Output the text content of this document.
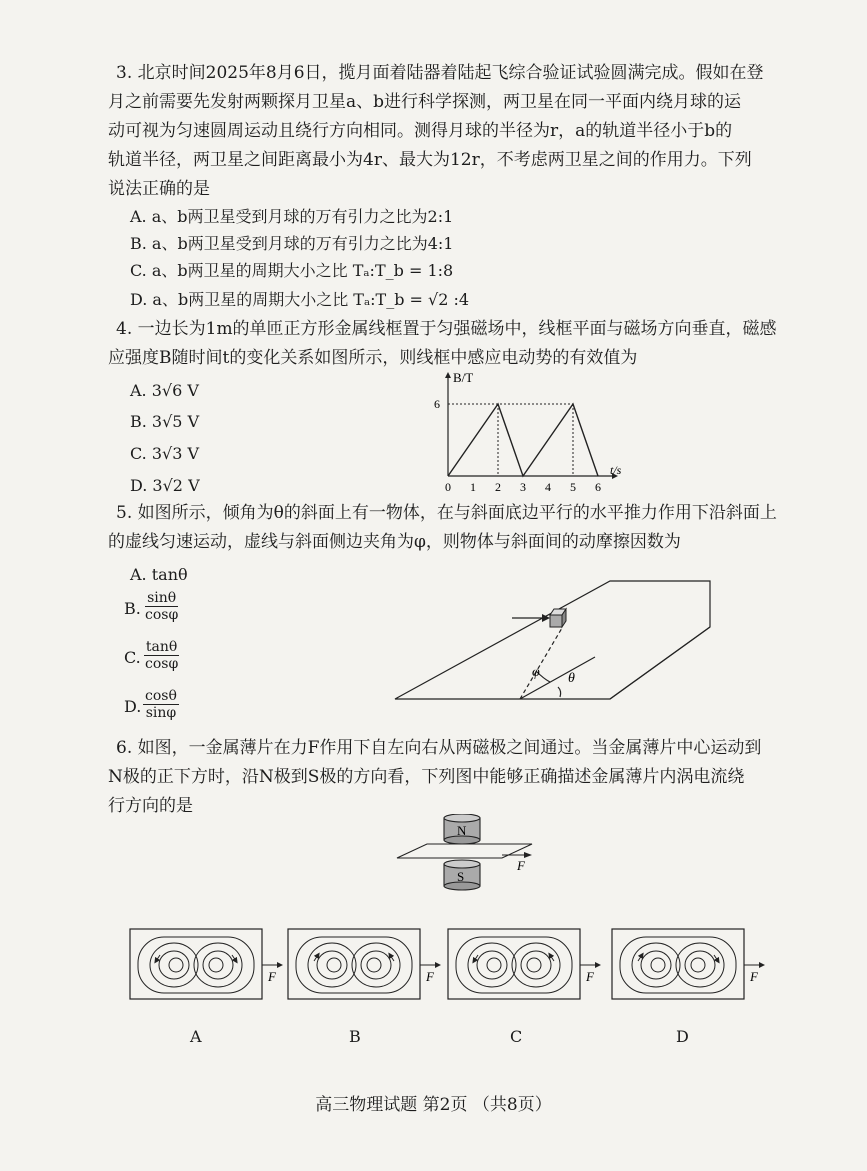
3. 北京时间2025年8月6日，揽月面着陆器着陆起飞综合验证试验圆满完成。假如在登
月之前需要先发射两颗探月卫星a、b进行科学探测，两卫星在同一平面内绕月球的运
动可视为匀速圆周运动且绕行方向相同。测得月球的半径为r，a的轨道半径小于b的
轨道半径，两卫星之间距离最小为4r、最大为12r，不考虑两卫星之间的作用力。下列
说法正确的是
A. a、b两卫星受到月球的万有引力之比为2:1
B. a、b两卫星受到月球的万有引力之比为4:1
C. a、b两卫星的周期大小之比 Tₐ:T_b = 1:8
D. a、b两卫星的周期大小之比 Tₐ:T_b = √2 :4
4. 一边长为1m的单匝正方形金属线框置于匀强磁场中，线框平面与磁场方向垂直，磁感
应强度B随时间t的变化关系如图所示，则线框中感应电动势的有效值为
A. 3√6 V
B. 3√5 V
C. 3√3 V
D. 3√2 V
B/T
t/s
0 1 2 3 4 5 6
6
5. 如图所示，倾角为θ的斜面上有一物体，在与斜面底边平行的水平推力作用下沿斜面上
的虚线匀速运动，虚线与斜面侧边夹角为φ，则物体与斜面间的动摩擦因数为
A. tanθ
B. $\frac{\sin\theta}{\cos\varphi}$
C. $\frac{\tan\theta}{\cos\varphi}$
D. $\frac{\cos\theta}{\sin\varphi}$
φ θ
6. 如图，一金属薄片在力F作用下自左向右从两磁极之间通过。当金属薄片中心运动到
N极的正下方时，沿N极到S极的方向看，下列图中能够正确描述金属薄片内涡电流绕
行方向的是
N
S
F
F	F	F	F
A	B	C	D
高三物理试题 第2页 （共8页）
